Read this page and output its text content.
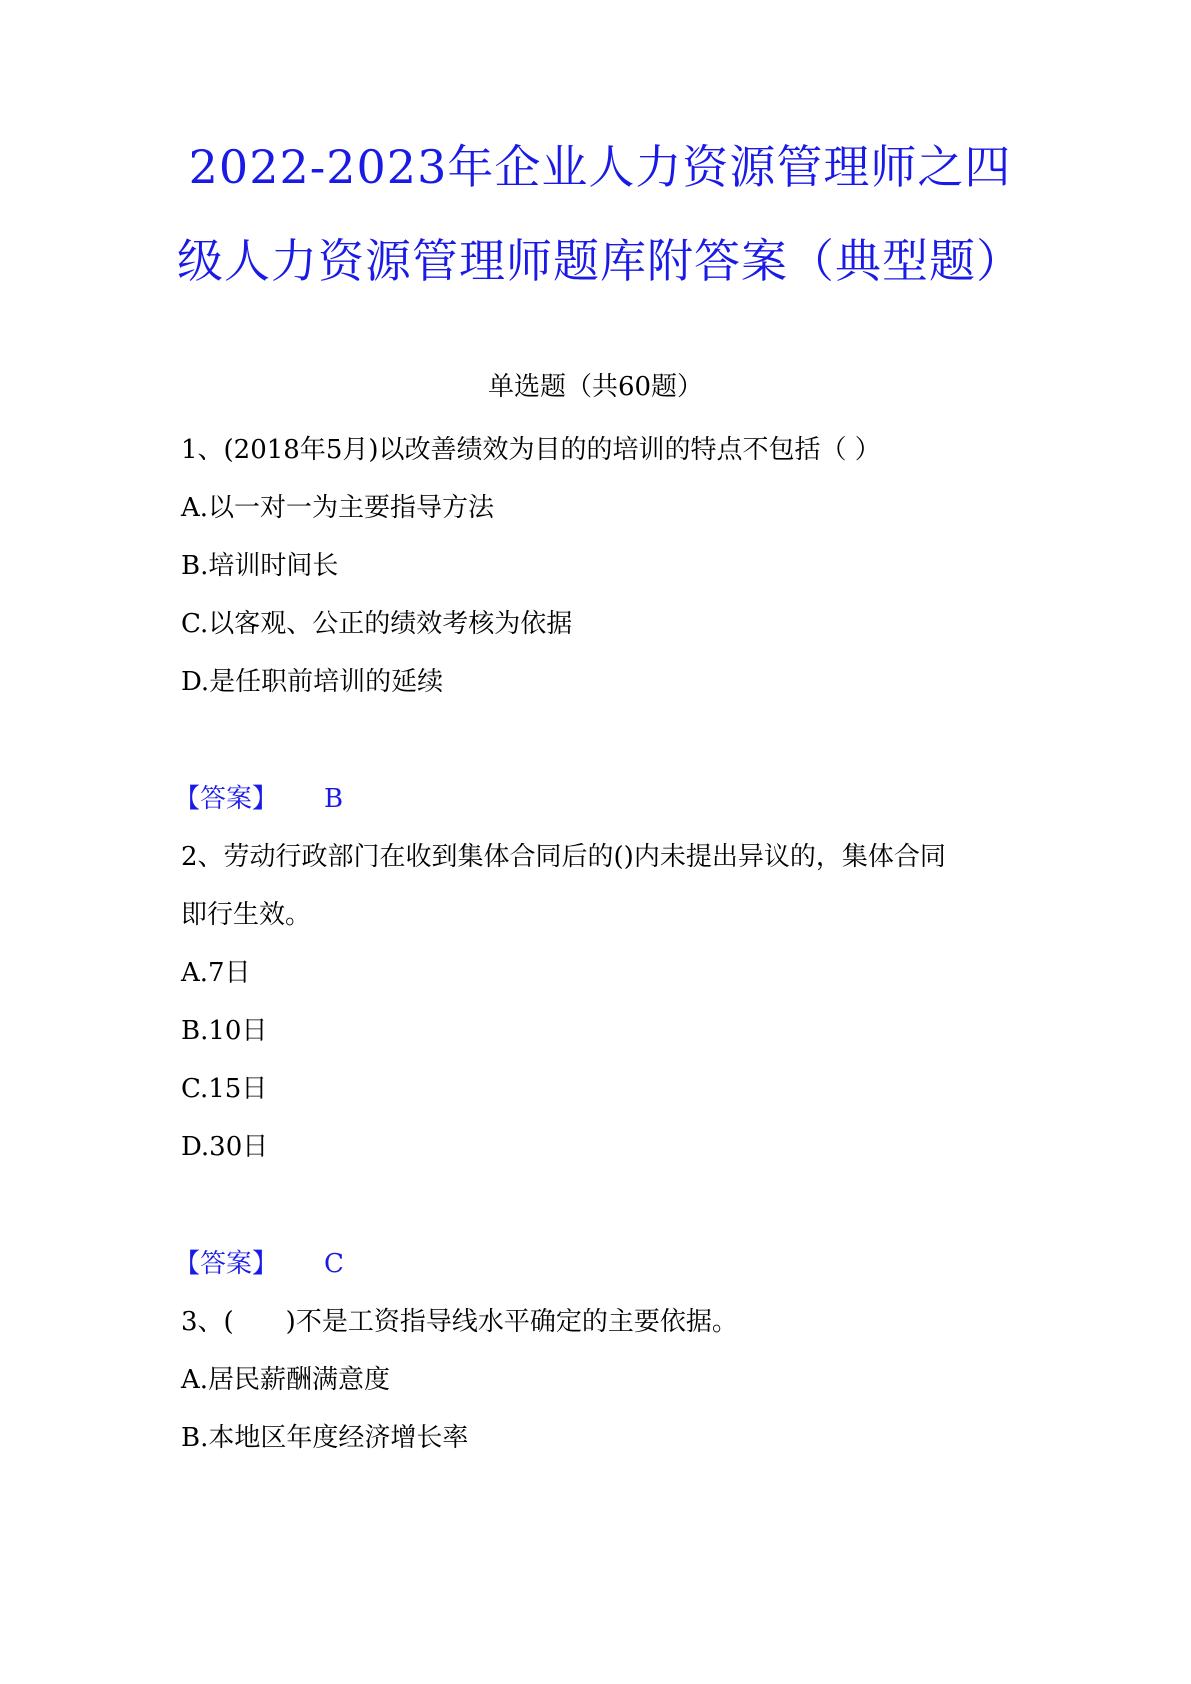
2022-2023年企业人力资源管理师之四
级人力资源管理师题库附答案（典型题）
单选题（共60题）
1、(2018年5月)以改善绩效为目的的培训的特点不包括（ ）
A.以一对一为主要指导方法
B.培训时间长
C.以客观、公正的绩效考核为依据
D.是任职前培训的延续
【答案】 B
2、劳动行政部门在收到集体合同后的()内未提出异议的，集体合同
即行生效。
A.7日
B.10日
C.15日
D.30日
【答案】 C
3、(　　)不是工资指导线水平确定的主要依据。
A.居民薪酬满意度
B.本地区年度经济增长率
